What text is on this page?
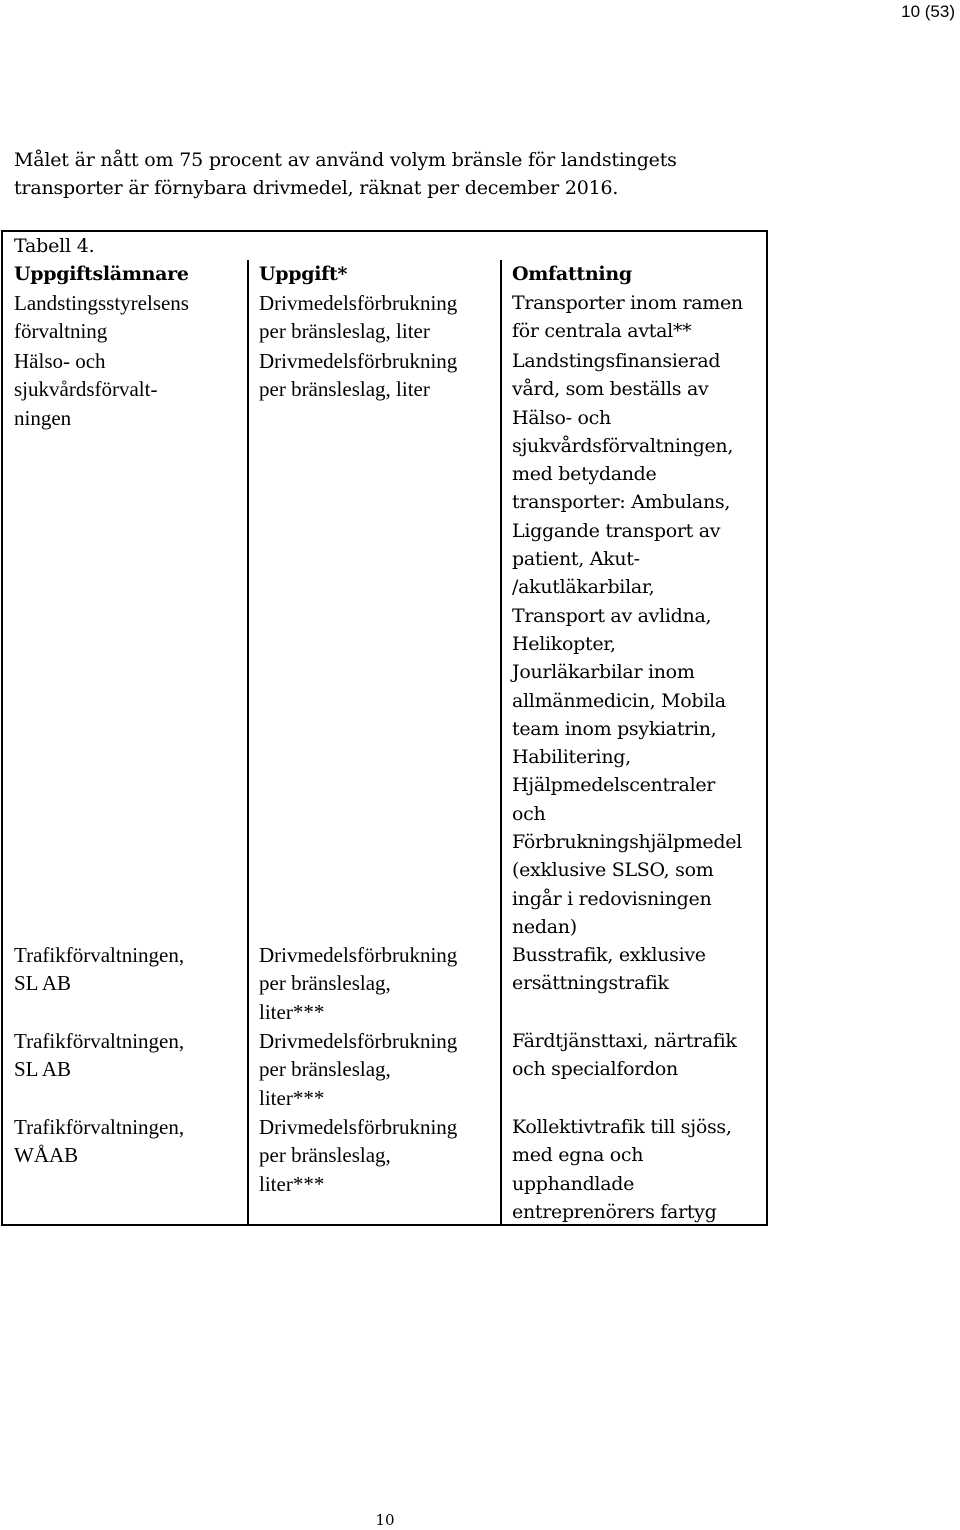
10 (53)
Målet är nått om 75 procent av använd volym bränsle för landstingets
transporter är förnybara drivmedel, räknat per december 2016.
Tabell 4.
Uppgiftslämnare	Uppgift*	Omfattning
Landstingsstyrelsens
förvaltning
Drivmedelsförbrukning
per bränsleslag, liter
Transporter inom ramen
för centrala avtal**
Hälso- och
sjukvårdsförvalt-
ningen
Drivmedelsförbrukning
per bränsleslag, liter
Landstingsfinansierad
vård, som beställs av
Hälso- och
sjukvårdsförvaltningen,
med betydande
transporter: Ambulans,
Liggande transport av
patient, Akut-
/akutläkarbilar,
Transport av avlidna,
Helikopter,
Jourläkarbilar inom
allmänmedicin, Mobila
team inom psykiatrin,
Habilitering,
Hjälpmedelscentraler
och
Förbrukningshjälpmedel
(exklusive SLSO, som
ingår i redovisningen
nedan)
Trafikförvaltningen,
SL AB
Drivmedelsförbrukning
per bränsleslag,
liter***
Busstrafik, exklusive
ersättningstrafik
Trafikförvaltningen,
SL AB
Drivmedelsförbrukning
per bränsleslag,
liter***
Färdtjänsttaxi, närtrafik
och specialfordon
Trafikförvaltningen,
WÅAB
Drivmedelsförbrukning
per bränsleslag,
liter***
Kollektivtrafik till sjöss,
med egna och
upphandlade
entreprenörers fartyg
10
